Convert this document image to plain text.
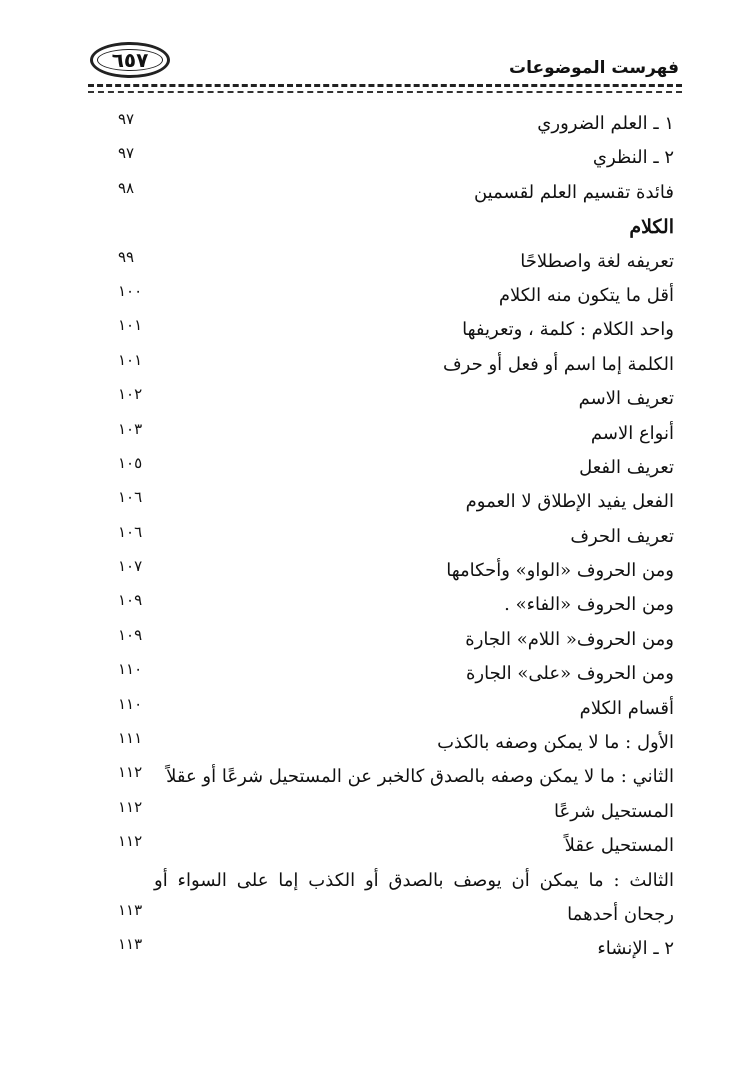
٦٥٧	فهرست الموضوعات
١ ـ العلم الضروري
٩٧
٢ ـ النظري
٩٧
فائدة تقسيم العلم لقسمين
٩٨
الكلام
تعريفه لغة واصطلاحًا
٩٩
أقل ما يتكون منه الكلام
١٠٠
واحد الكلام : كلمة ، وتعريفها
١٠١
الكلمة إما اسم أو فعل أو حرف
١٠١
تعريف الاسم
١٠٢
أنواع الاسم
١٠٣
تعريف الفعل
١٠٥
الفعل يفيد الإطلاق لا العموم
١٠٦
تعريف الحرف
١٠٦
ومن الحروف «الواو» وأحكامها
١٠٧
ومن الحروف «الفاء» .
١٠٩
ومن الحروف« اللام» الجارة
١٠٩
ومن الحروف «على» الجارة
١١٠
أقسام الكلام
١١٠
الأول : ما لا يمكن وصفه بالكذب
١١١
الثاني : ما لا يمكن وصفه بالصدق كالخبر عن المستحيل شرعًا أو عقلاً
١١٢
المستحيل شرعًا
١١٢
المستحيل عقلاً
١١٢
الثالث : ما يمكن أن يوصف بالصدق أو الكذب إما على السواء أو
رجحان أحدهما
١١٣
٢ ـ الإنشاء
١١٣
